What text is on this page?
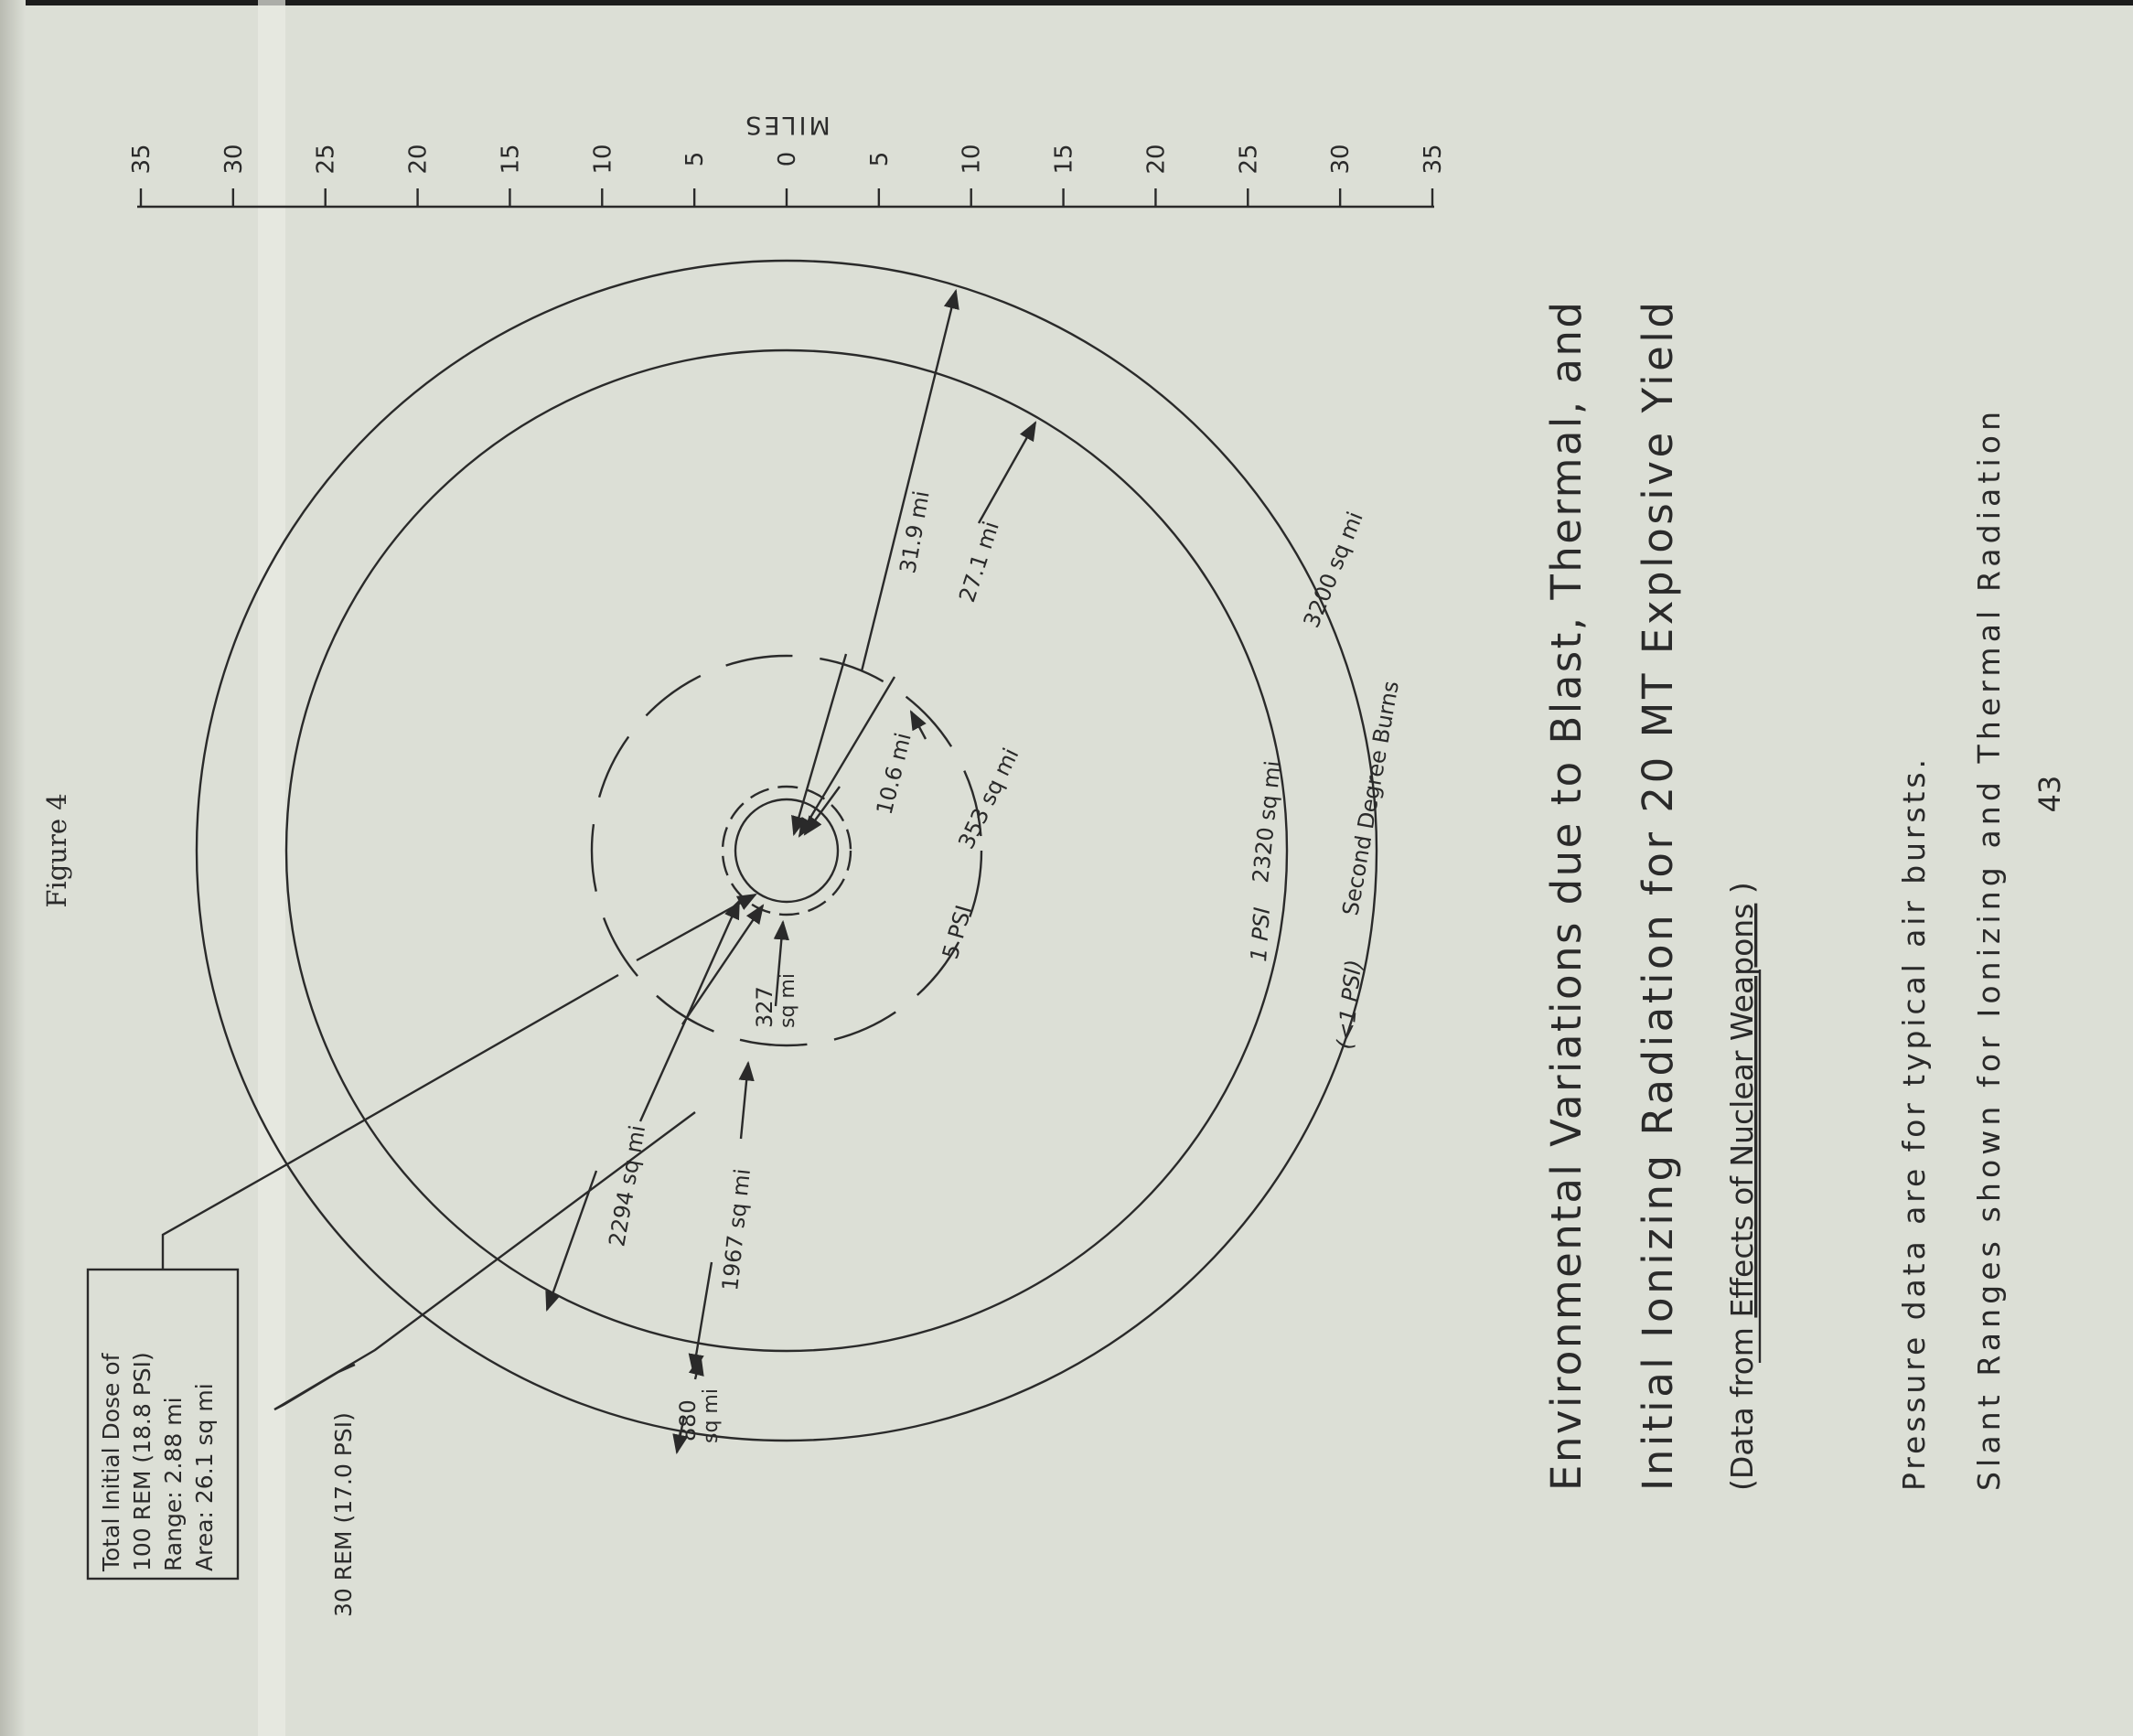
Figure 4	43
35	30	25	20	15	10	5	0	5	10	15	20	25	30	35
MILES
Total Initial Dose of 100 REM (18.8 PSI) Range: 2.88 mi Area: 26.1 sq mi	30 REM (17.0 PSI)
31.9 mi 27.1 mi
10.6 mi
3200 sq mi
Second Degree Burns
(<1 PSI)
2320 sq mi
1 PSI
353 sq mi
5 PSI
327 sq mi
2294 sq mi	1967 sq mi
880 sq mi
Environmental Variations due to Blast, Thermal, and
Initial Ionizing Radiation for 20 MT Explosive Yield
(Data from Effects of Nuclear Weapons )
Pressure data are for typical air bursts.
Slant Ranges shown for Ionizing and Thermal Radiation
